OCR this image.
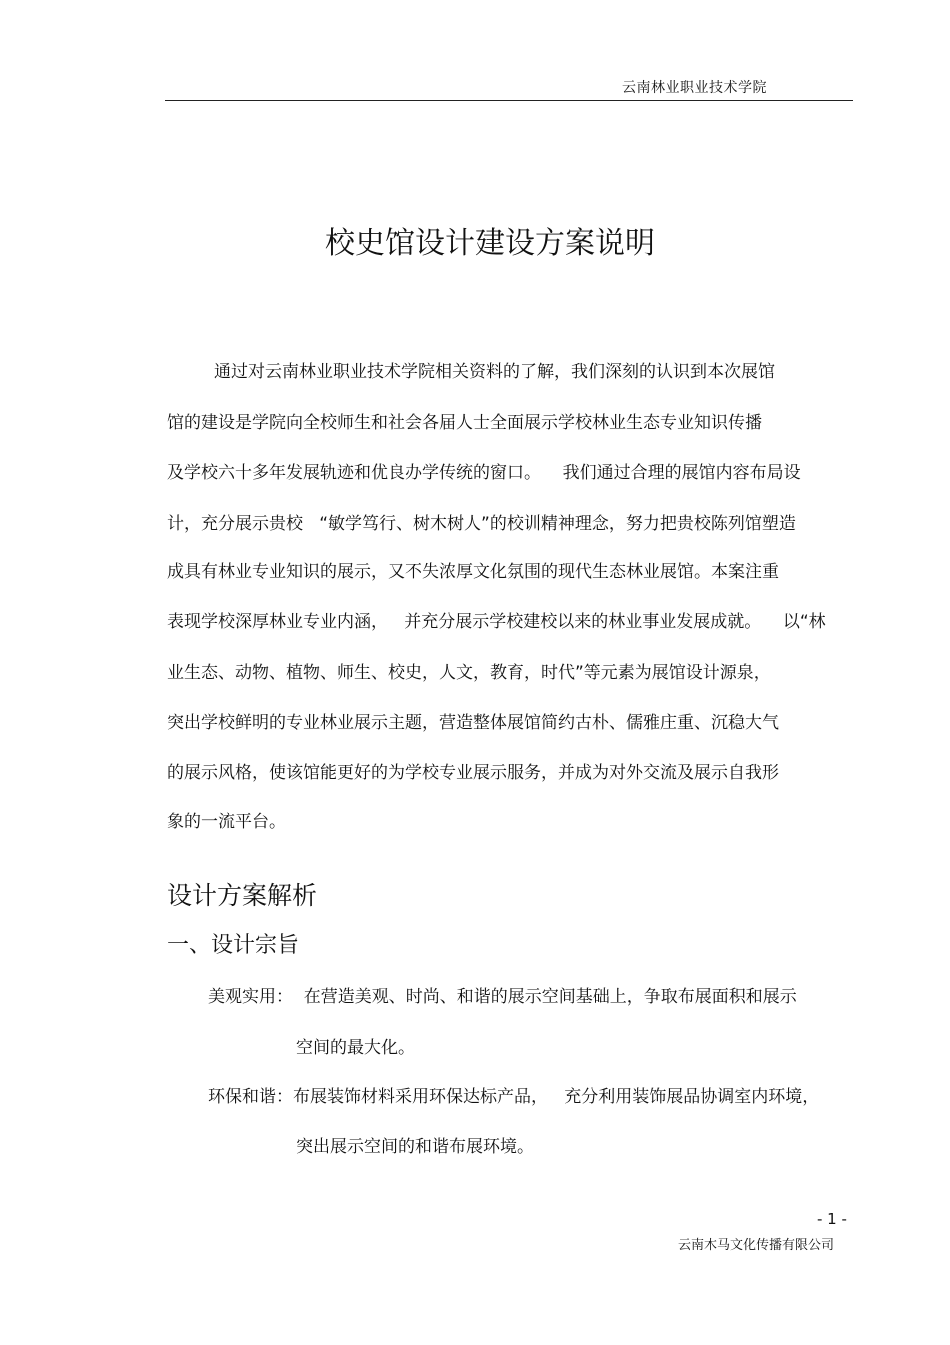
云南林业职业技术学院
校史馆设计建设方案说明
通过对云南林业职业技术学院相关资料的了解，我们深刻的认识到本次展馆
馆的建设是学院向全校师生和社会各届人士全面展示学校林业生态专业知识传播
及学校六十多年发展轨迹和优良办学传统的窗口。    我们通过合理的展馆内容布局设
计，充分展示贵校   “敏学笃行、树木树人”的校训精神理念，努力把贵校陈列馆塑造
成具有林业专业知识的展示，又不失浓厚文化氛围的现代生态林业展馆。本案注重
表现学校深厚林业专业内涵，   并充分展示学校建校以来的林业事业发展成就。    以“林
业生态、动物、植物、师生、校史，人文，教育，时代”等元素为展馆设计源泉，
突出学校鲜明的专业林业展示主题，营造整体展馆简约古朴、儒雅庄重、沉稳大气
的展示风格，使该馆能更好的为学校专业展示服务，并成为对外交流及展示自我形
象的一流平台。
设计方案解析
一、设计宗旨
美观实用：  在营造美观、时尚、和谐的展示空间基础上，争取布展面积和展示
空间的最大化。
环保和谐：布展装饰材料采用环保达标产品，   充分利用装饰展品协调室内环境，
突出展示空间的和谐布展环境。
- 1 -
云南木马文化传播有限公司
